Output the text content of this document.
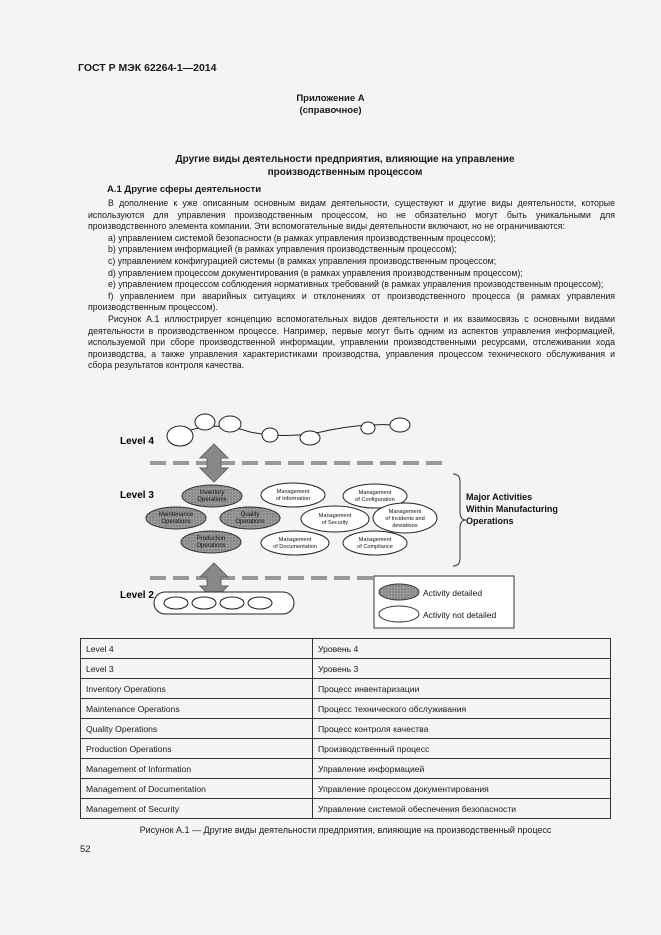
ГОСТ Р МЭК 62264-1—2014
Приложение А
(справочное)
Другие виды деятельности предприятия, влияющие на управление
производственным процессом
А.1 Другие сферы деятельности

В дополнение к уже описанным основным видам деятельности, существуют и другие виды деятельности, которые используются для управления производственным процессом, но не обязательно могут быть уникальными для производственного элемента компании. Эти вспомогательные виды деятельности включают, но не ограничиваются:

а) управлением системой безопасности (в рамках управления производственным процессом);

b) управлением информацией (в рамках управления производственным процессом);

с) управлением конфигурацией системы (в рамках управления производственным процессом;

d) управлением процессом документирования (в рамках управления производственным процессом);

е) управлением процессом соблюдения нормативных требований (в рамках управления производственным процессом);

f) управлением при аварийных ситуациях и отклонениях от производственного процесса (в рамках управления производственным процессом).

Рисунок А.1 иллюстрирует концепцию вспомогательных видов деятельности и их взаимосвязь с основными видами деятельности в производственном процессе. Например, первые могут быть одним из аспектов управления информацией, используемой при сборе производственной информации, управлении производственными ресурсами, отслеживании хода производства, а также управления характеристиками производства, управления процессом технического обслуживания и сбора результатов контроля качества.

Level 4
Level 3
Level 2
Inventory
Operations
Maintenance
Operations
Quality
Operations
Production
Operations
Management
of Information
Management
of Configuration
Management
of Security
Management
of Incidents and
deviations
Management
of Documentation
Management
of Compliance
Major Activities
Within Manufacturing
Operations
Activity detailed
Activity not detailed
Level 4	Уровень 4
Level 3	Уровень 3
Inventory Operations	Процесс инвентаризации
Maintenance Operations	Процесс технического обслуживания
Quality Operations	Процесс контроля качества
Production Operations	Производственный процесс
Management of Information	Управление информацией
Management of Documentation	Управление процессом документирования
Management of Security	Управление системой обеспечения безопасности
Рисунок А.1 — Другие виды деятельности предприятия, влияющие на производственный процесс
52
